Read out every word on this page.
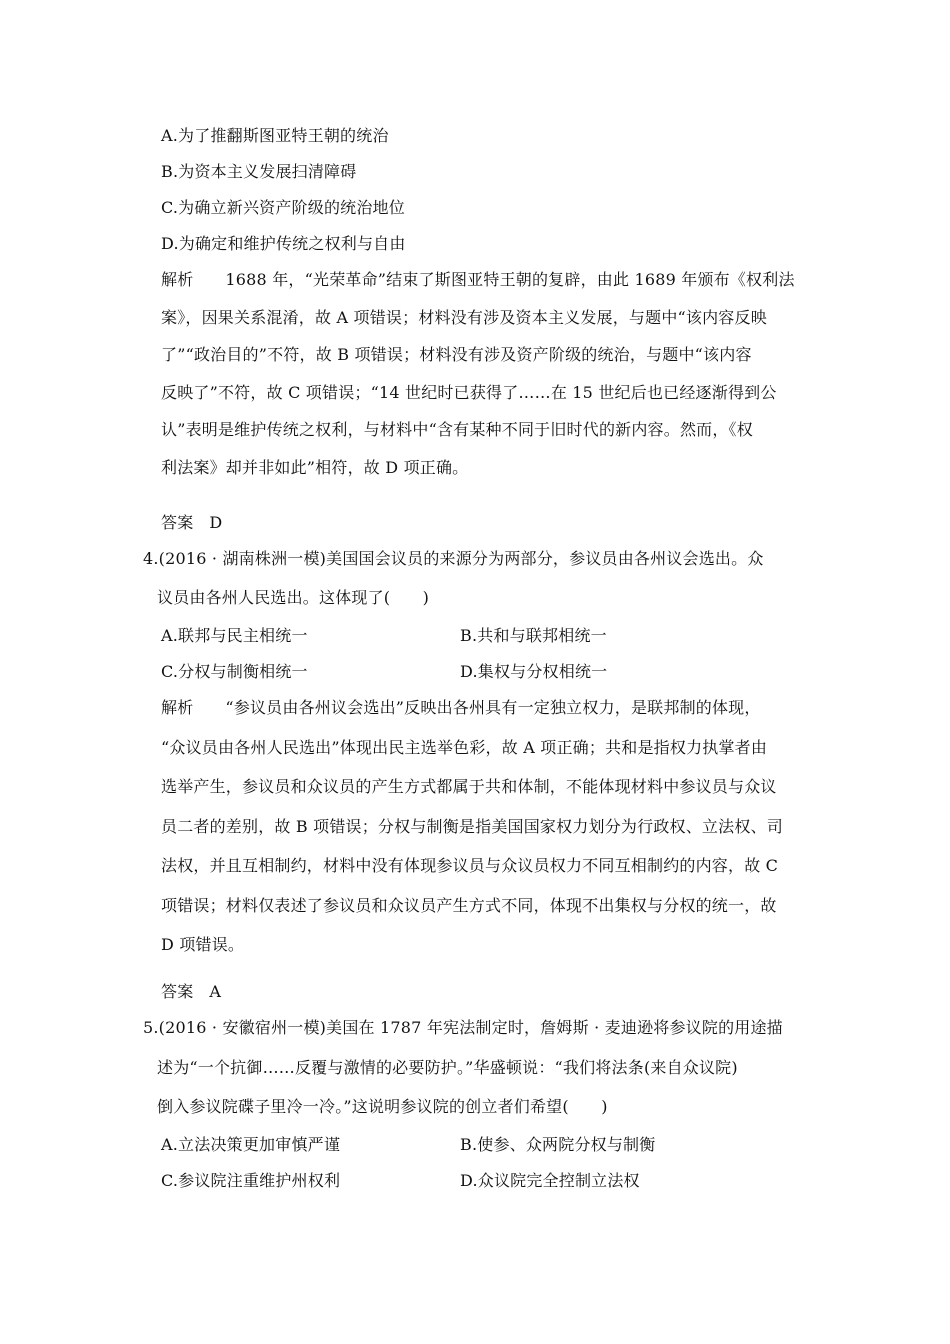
A.为了推翻斯图亚特王朝的统治
B.为资本主义发展扫清障碍
C.为确立新兴资产阶级的统治地位
D.为确定和维护传统之权利与自由
解析 1688 年，“光荣革命”结束了斯图亚特王朝的复辟，由此 1689 年颁布《权利法
案》，因果关系混淆，故 A 项错误；材料没有涉及资本主义发展，与题中“该内容反映
了”“政治目的”不符，故 B 项错误；材料没有涉及资产阶级的统治，与题中“该内容
反映了”不符，故 C 项错误；“14 世纪时已获得了……在 15 世纪后也已经逐渐得到公
认”表明是维护传统之权利，与材料中“含有某种不同于旧时代的新内容。然而，《权
利法案》却并非如此”相符，故 D 项正确。
答案 D
4.(2016 · 湖南株洲一模)美国国会议员的来源分为两部分，参议员由各州议会选出。众
议员由各州人民选出。这体现了(　　)
A.联邦与民主相统一	B.共和与联邦相统一
C.分权与制衡相统一	D.集权与分权相统一
解析 “参议员由各州议会选出”反映出各州具有一定独立权力，是联邦制的体现，
“众议员由各州人民选出”体现出民主选举色彩，故 A 项正确；共和是指权力执掌者由
选举产生，参议员和众议员的产生方式都属于共和体制，不能体现材料中参议员与众议
员二者的差别，故 B 项错误；分权与制衡是指美国国家权力划分为行政权、立法权、司
法权，并且互相制约，材料中没有体现参议员与众议员权力不同互相制约的内容，故 C
项错误；材料仅表述了参议员和众议员产生方式不同，体现不出集权与分权的统一，故
D 项错误。
答案 A
5.(2016 · 安徽宿州一模)美国在 1787 年宪法制定时，詹姆斯 · 麦迪逊将参议院的用途描
述为“一个抗御……反覆与激情的必要防护。”华盛顿说：“我们将法条(来自众议院)
倒入参议院碟子里冷一冷。”这说明参议院的创立者们希望(　　)
A.立法决策更加审慎严谨	B.使参、众两院分权与制衡
C.参议院注重维护州权利	D.众议院完全控制立法权
